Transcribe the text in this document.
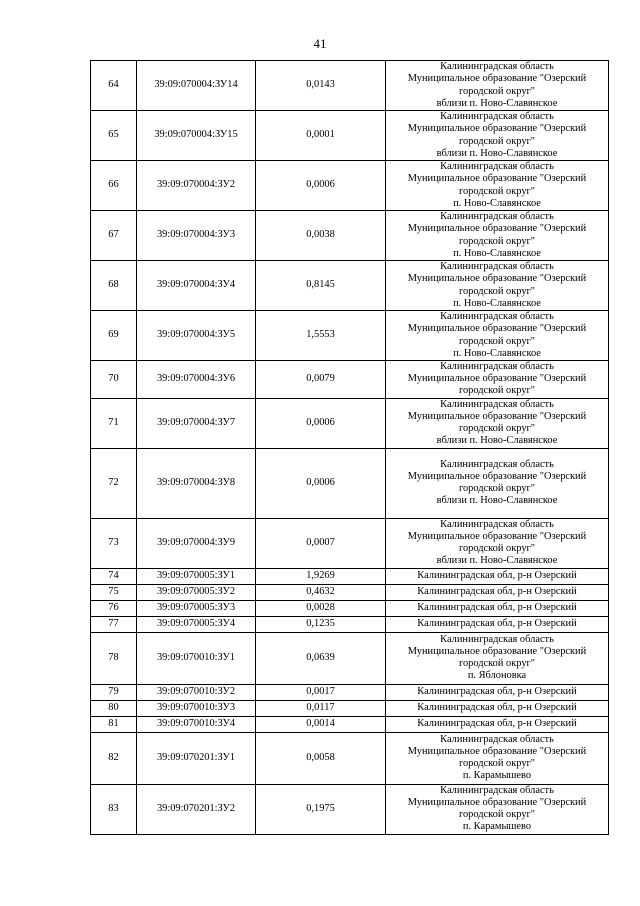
41
64	39:09:070004:ЗУ14	0,0143	Калининградская область
Муниципальное образование "Озерский
городской округ"
вблизи п. Ново-Славянское

65	39:09:070004:ЗУ15	0,0001	Калининградская область
Муниципальное образование "Озерский
городской округ"
вблизи п. Ново-Славянское

66	39:09:070004:ЗУ2	0,0006	Калининградская область
Муниципальное образование "Озерский
городской округ"
п. Ново-Славянское

67	39:09:070004:ЗУ3	0,0038	Калининградская область
Муниципальное образование "Озерский
городской округ"
п. Ново-Славянское

68	39:09:070004:ЗУ4	0,8145	Калининградская область
Муниципальное образование "Озерский
городской округ"
п. Ново-Славянское

69	39:09:070004:ЗУ5	1,5553	Калининградская область
Муниципальное образование "Озерский
городской округ"
п. Ново-Славянское

70	39:09:070004:ЗУ6	0,0079	Калининградская область
Муниципальное образование "Озерский
городской округ"

71	39:09:070004:ЗУ7	0,0006	Калининградская область
Муниципальное образование "Озерский
городской округ"
вблизи п. Ново-Славянское

72	39:09:070004:ЗУ8	0,0006	Калининградская область
Муниципальное образование "Озерский
городской округ"
вблизи п. Ново-Славянское

73	39:09:070004:ЗУ9	0,0007	Калининградская область
Муниципальное образование "Озерский
городской округ"
вблизи п. Ново-Славянское

74	39:09:070005:ЗУ1	1,9269	Калининградская обл, р-н Озерский

75	39:09:070005:ЗУ2	0,4632	Калининградская обл, р-н Озерский

76	39:09:070005:ЗУ3	0,0028	Калининградская обл, р-н Озерский

77	39:09:070005:ЗУ4	0,1235	Калининградская обл, р-н Озерский

78	39:09:070010:ЗУ1	0,0639	Калининградская область
Муниципальное образование "Озерский
городской округ"
п. Яблоновка

79	39:09:070010:ЗУ2	0,0017	Калининградская обл, р-н Озерский

80	39:09:070010:ЗУ3	0,0117	Калининградская обл, р-н Озерский

81	39:09:070010:ЗУ4	0,0014	Калининградская обл, р-н Озерский

82	39:09:070201:ЗУ1	0,0058	Калининградская область
Муниципальное образование "Озерский
городской округ"
п. Карамышево

83	39:09:070201:ЗУ2	0,1975	Калининградская область
Муниципальное образование "Озерский
городской округ"
п. Карамышево
